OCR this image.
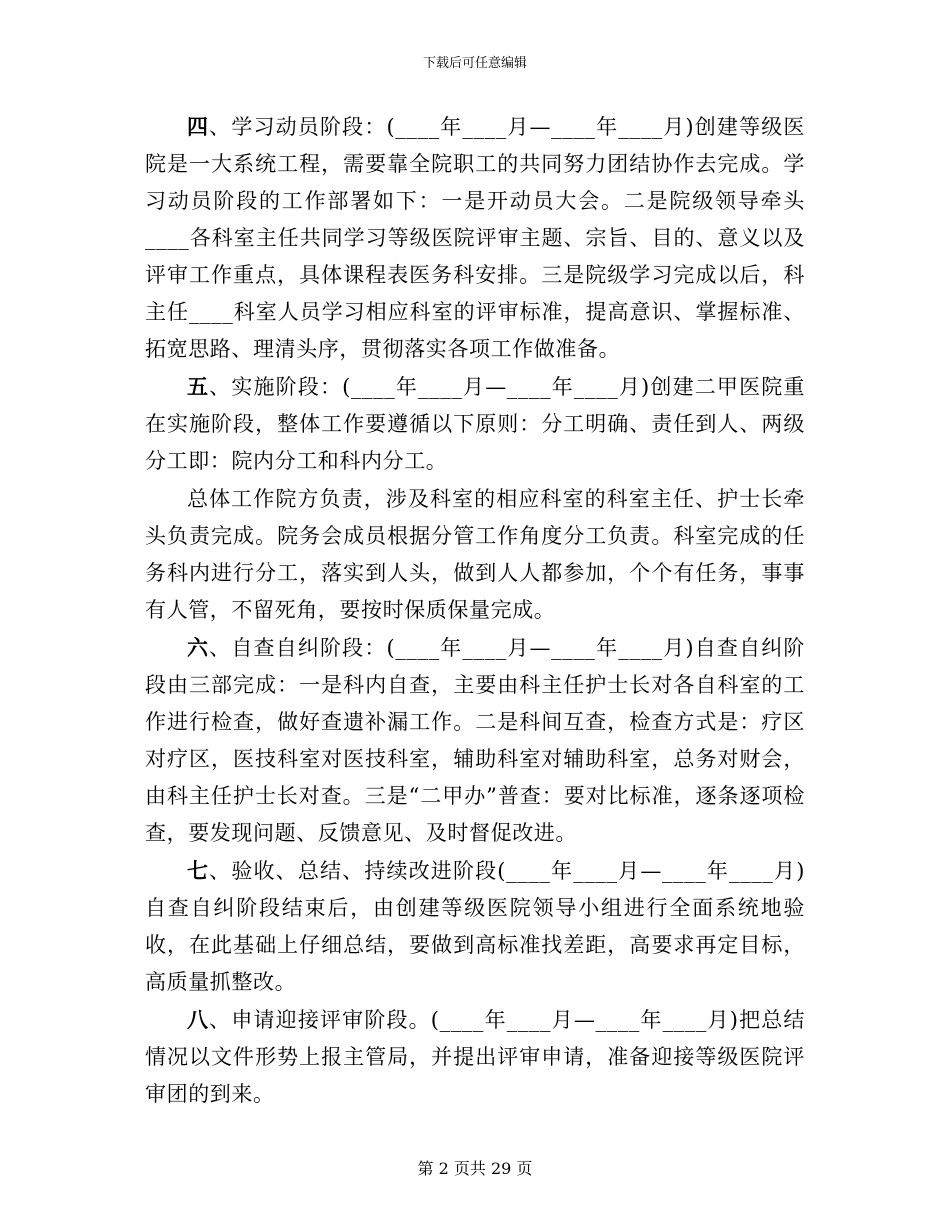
下载后可任意编辑

四、学习动员阶段：(____年____月—____年____月)创建等级医院是一大系统工程，需要靠全院职工的共同努力团结协作去完成。学习动员阶段的工作部署如下：一是开动员大会。二是院级领导牵头____各科室主任共同学习等级医院评审主题、宗旨、目的、意义以及评审工作重点，具体课程表医务科安排。三是院级学习完成以后，科主任____科室人员学习相应科室的评审标准，提高意识、掌握标准、拓宽思路、理清头序，贯彻落实各项工作做准备。

五、实施阶段：(____年____月—____年____月)创建二甲医院重在实施阶段，整体工作要遵循以下原则：分工明确、责任到人、两级分工即：院内分工和科内分工。

总体工作院方负责，涉及科室的相应科室的科室主任、护士长牵头负责完成。院务会成员根据分管工作角度分工负责。科室完成的任务科内进行分工，落实到人头，做到人人都参加，个个有任务，事事有人管，不留死角，要按时保质保量完成。

六、自查自纠阶段：(____年____月—____年____月)自查自纠阶段由三部完成：一是科内自查，主要由科主任护士长对各自科室的工作进行检查，做好查遗补漏工作。二是科间互查，检查方式是：疗区对疗区，医技科室对医技科室，辅助科室对辅助科室，总务对财会，由科主任护士长对查。三是“二甲办”普查：要对比标准，逐条逐项检查，要发现问题、反馈意见、及时督促改进。

七、验收、总结、持续改进阶段(____年____月—____年____月)自查自纠阶段结束后，由创建等级医院领导小组进行全面系统地验收，在此基础上仔细总结，要做到高标准找差距，高要求再定目标，高质量抓整改。

八、申请迎接评审阶段。(____年____月—____年____月)把总结情况以文件形势上报主管局，并提出评审申请，准备迎接等级医院评审团的到来。

第 2 页共 29 页
